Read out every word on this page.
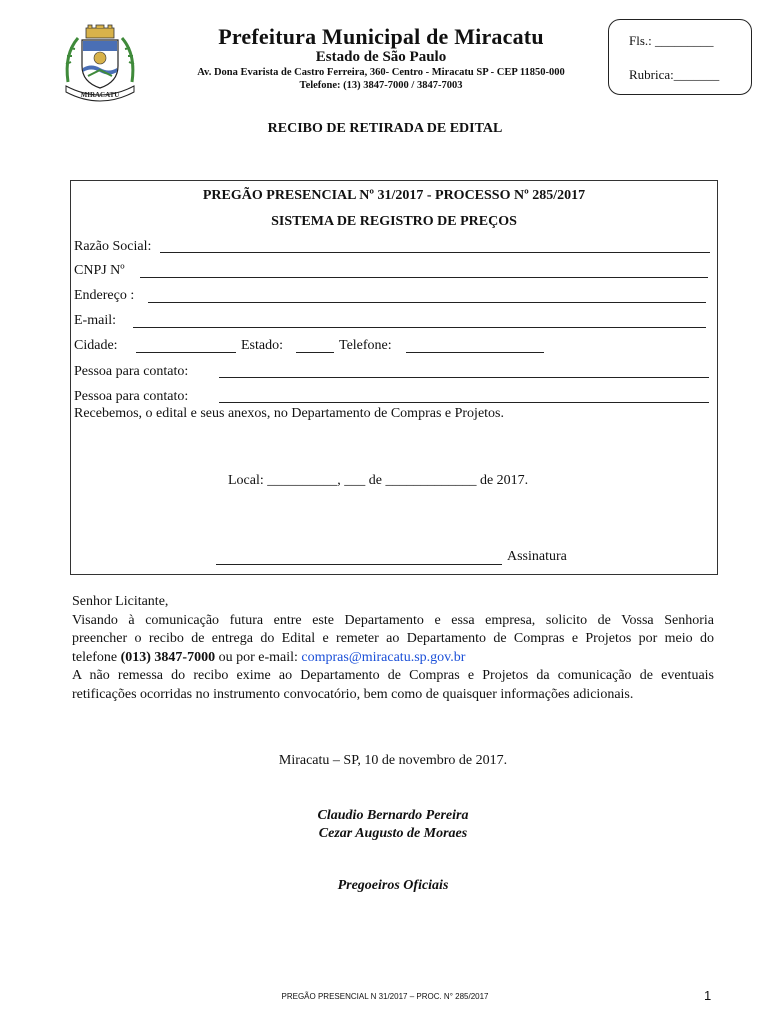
MIRACATU
Prefeitura Municipal de Miracatu
Estado de São Paulo
Av. Dona Evarista de Castro Ferreira, 360- Centro - Miracatu SP - CEP 11850-000
Telefone: (13) 3847-7000 / 3847-7003
Fls.: _________
Rubrica:_______
RECIBO DE RETIRADA DE EDITAL
PREGÃO PRESENCIAL Nº 31/2017 - PROCESSO Nº 285/2017
SISTEMA DE REGISTRO DE PREÇOS
Razão Social:
CNPJ Nº
Endereço :
E-mail:
Cidade:	Estado:	Telefone:
Pessoa para contato:
Pessoa para contato:
Recebemos, o edital e seus anexos, no Departamento de Compras e Projetos.
Local: __________, ___ de _____________ de 2017.
Assinatura
Senhor Licitante,
Visando à comunicação futura entre este Departamento e essa empresa, solicito de Vossa Senhoria
preencher o recibo de entrega do Edital e remeter ao Departamento de Compras e Projetos por meio do
telefone (013) 3847-7000 ou por e-mail: compras@miracatu.sp.gov.br
A não remessa do recibo exime ao Departamento de Compras e Projetos da comunicação de eventuais
retificações ocorridas no instrumento convocatório, bem como de quaisquer informações adicionais.
Miracatu – SP, 10 de novembro de 2017.
Claudio Bernardo Pereira
Cezar Augusto de Moraes
Pregoeiros Oficiais
PREGÃO PRESENCIAL N 31/2017 – PROC. N° 285/2017	1
